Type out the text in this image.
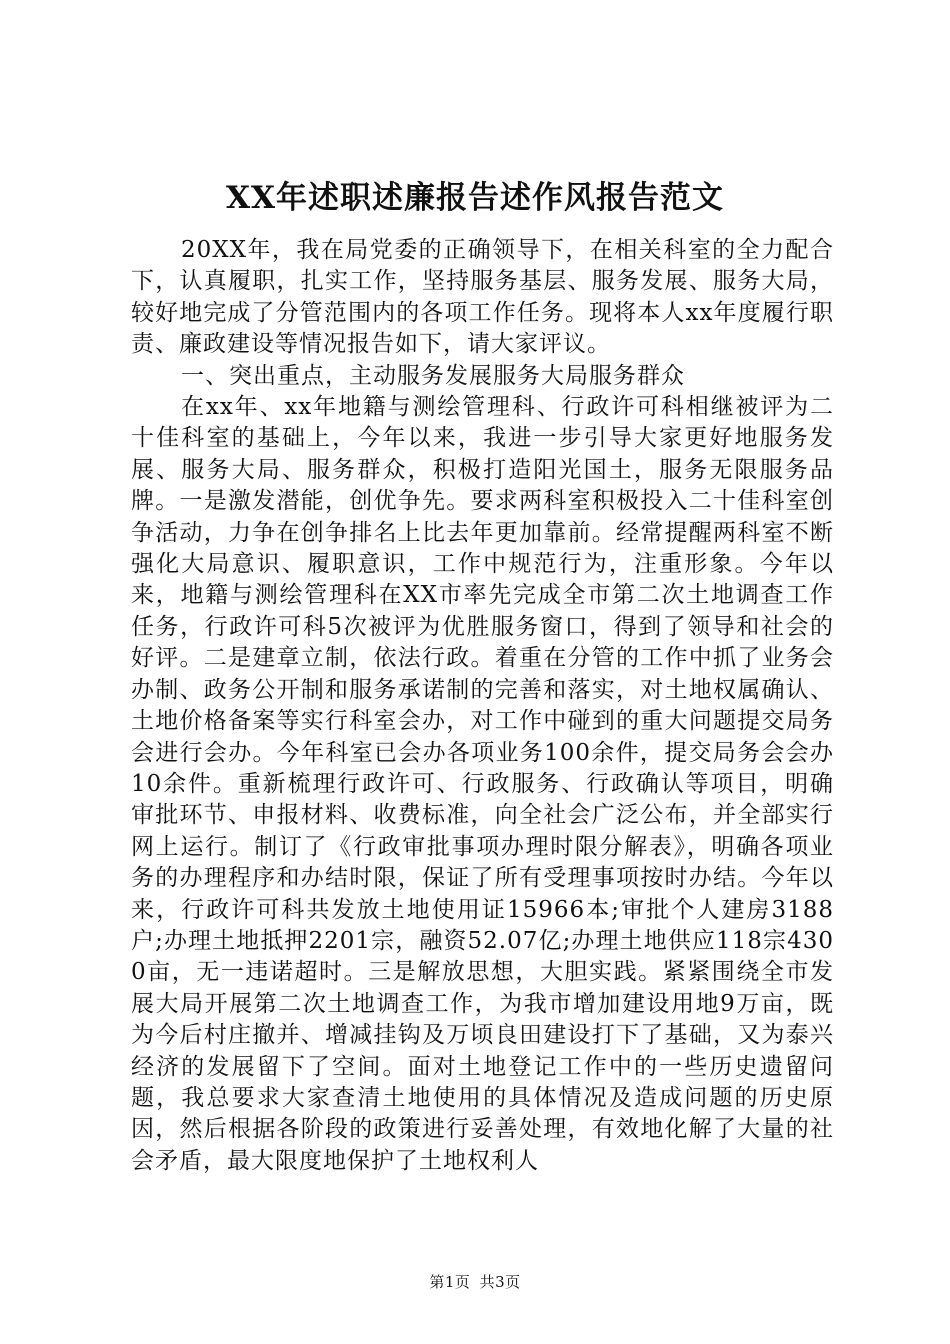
XX年述职述廉报告述作风报告范文

20XX年，我在局党委的正确领导下，在相关科室的全力配合下，认真履职，扎实工作，坚持服务基层、服务发展、服务大局，较好地完成了分管范围内的各项工作任务。现将本人xx年度履行职责、廉政建设等情况报告如下，请大家评议。

一、突出重点，主动服务发展服务大局服务群众

在xx年、xx年地籍与测绘管理科、行政许可科相继被评为二十佳科室的基础上，今年以来，我进一步引导大家更好地服务发展、服务大局、服务群众，积极打造阳光国土，服务无限服务品牌。一是激发潜能，创优争先。要求两科室积极投入二十佳科室创争活动，力争在创争排名上比去年更加靠前。经常提醒两科室不断强化大局意识、履职意识，工作中规范行为，注重形象。今年以来，地籍与测绘管理科在XX市率先完成全市第二次土地调查工作任务，行政许可科5次被评为优胜服务窗口，得到了领导和社会的好评。二是建章立制，依法行政。着重在分管的工作中抓了业务会办制、政务公开制和服务承诺制的完善和落实，对土地权属确认、土地价格备案等实行科室会办，对工作中碰到的重大问题提交局务会进行会办。今年科室已会办各项业务100余件，提交局务会会办10余件。重新梳理行政许可、行政服务、行政确认等项目，明确审批环节、申报材料、收费标准，向全社会广泛公布，并全部实行网上运行。制订了《行政审批事项办理时限分解表》，明确各项业务的办理程序和办结时限，保证了所有受理事项按时办结。今年以来，行政许可科共发放土地使用证15966本;审批个人建房3188户;办理土地抵押2201宗，融资52.07亿;办理土地供应118宗4300亩，无一违诺超时。三是解放思想，大胆实践。紧紧围绕全市发展大局开展第二次土地调查工作，为我市增加建设用地9万亩，既为今后村庄撤并、增减挂钩及万顷良田建设打下了基础，又为泰兴经济的发展留下了空间。面对土地登记工作中的一些历史遗留问题，我总要求大家查清土地使用的具体情况及造成问题的历史原因，然后根据各阶段的政策进行妥善处理，有效地化解了大量的社会矛盾，最大限度地保护了土地权利人

第1页 共3页
